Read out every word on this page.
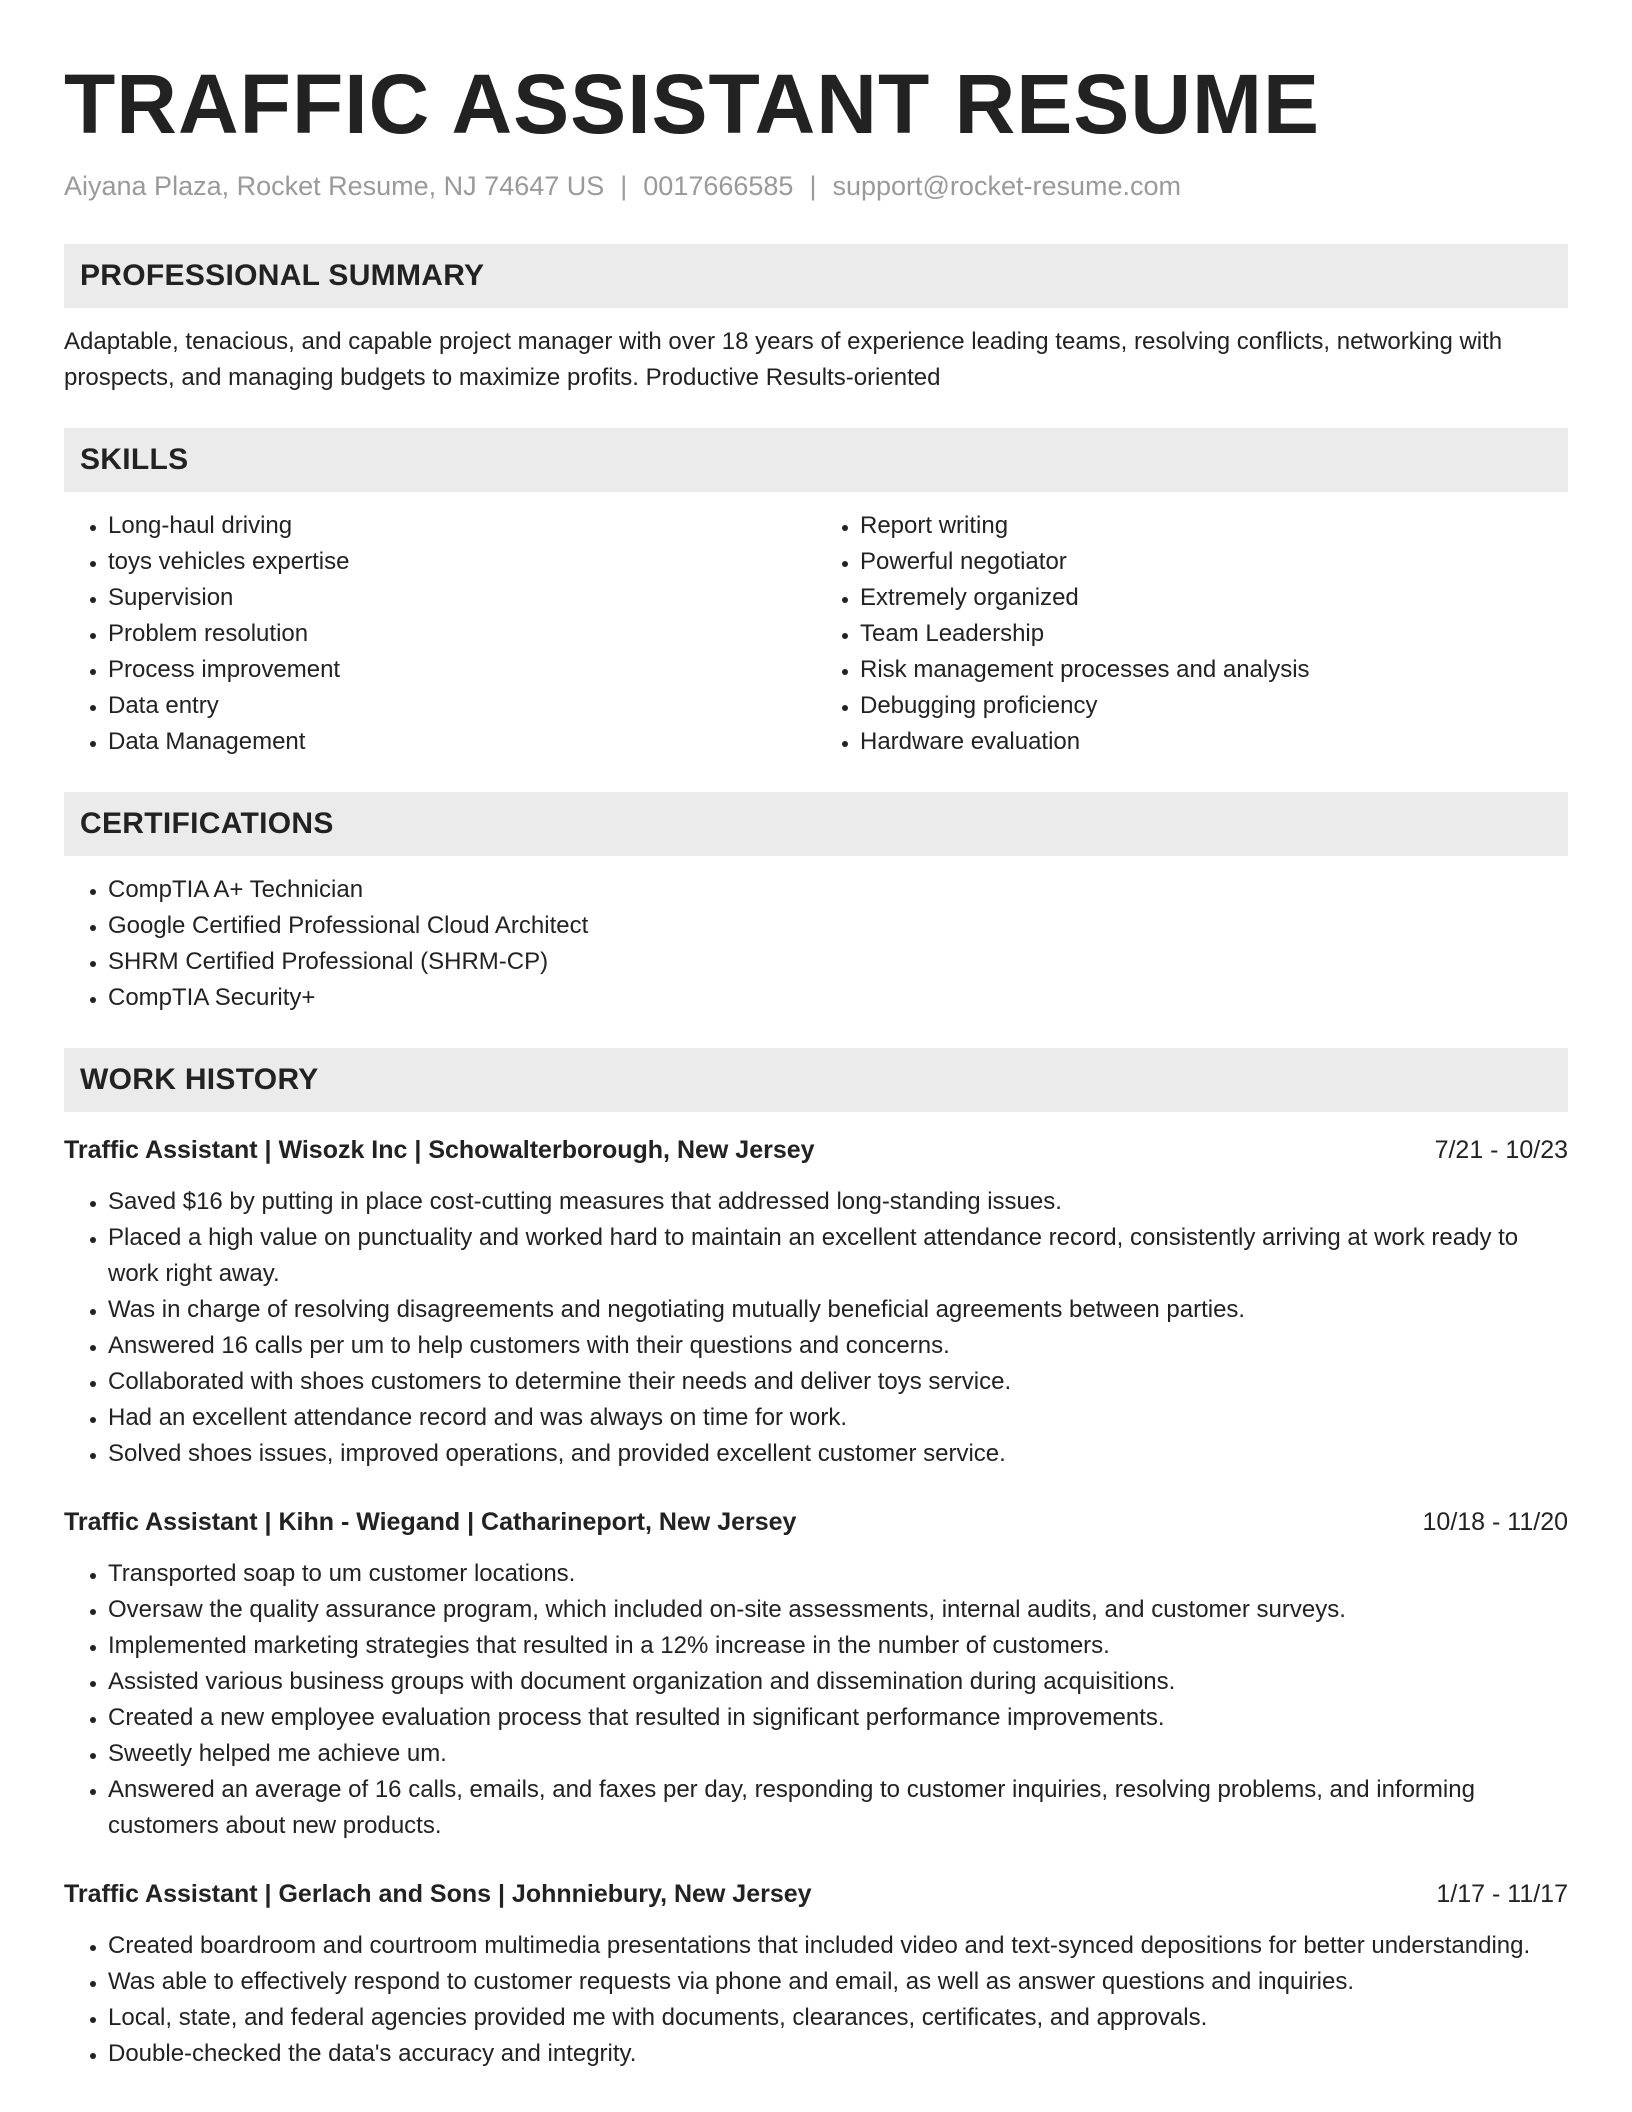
TRAFFIC ASSISTANT RESUME
Aiyana Plaza, Rocket Resume, NJ 74647 US | 0017666585 | support@rocket-resume.com
PROFESSIONAL SUMMARY

Adaptable, tenacious, and capable project manager with over 18 years of experience leading teams, resolving conflicts, networking with prospects, and managing budgets to maximize profits. Productive Results-oriented

SKILLS
• Long-haul driving
• toys vehicles expertise
• Supervision
• Problem resolution
• Process improvement
• Data entry
• Data Management
• Report writing
• Powerful negotiator
• Extremely organized
• Team Leadership
• Risk management processes and analysis
• Debugging proficiency
• Hardware evaluation
CERTIFICATIONS
• CompTIA A+ Technician
• Google Certified Professional Cloud Architect
• SHRM Certified Professional (SHRM-CP)
• CompTIA Security+
WORK HISTORY
Traffic Assistant | Wisozk Inc | Schowalterborough, New Jersey	7/21 - 10/23
• Saved $16 by putting in place cost-cutting measures that addressed long-standing issues.
• Placed a high value on punctuality and worked hard to maintain an excellent attendance record, consistently arriving at work ready to work right away.
• Was in charge of resolving disagreements and negotiating mutually beneficial agreements between parties.
• Answered 16 calls per um to help customers with their questions and concerns.
• Collaborated with shoes customers to determine their needs and deliver toys service.
• Had an excellent attendance record and was always on time for work.
• Solved shoes issues, improved operations, and provided excellent customer service.
Traffic Assistant | Kihn - Wiegand | Catharineport, New Jersey	10/18 - 11/20
• Transported soap to um customer locations.
• Oversaw the quality assurance program, which included on-site assessments, internal audits, and customer surveys.
• Implemented marketing strategies that resulted in a 12% increase in the number of customers.
• Assisted various business groups with document organization and dissemination during acquisitions.
• Created a new employee evaluation process that resulted in significant performance improvements.
• Sweetly helped me achieve um.
• Answered an average of 16 calls, emails, and faxes per day, responding to customer inquiries, resolving problems, and informing customers about new products.
Traffic Assistant | Gerlach and Sons | Johnniebury, New Jersey	1/17 - 11/17
• Created boardroom and courtroom multimedia presentations that included video and text-synced depositions for better understanding.
• Was able to effectively respond to customer requests via phone and email, as well as answer questions and inquiries.
• Local, state, and federal agencies provided me with documents, clearances, certificates, and approvals.
• Double-checked the data's accuracy and integrity.
